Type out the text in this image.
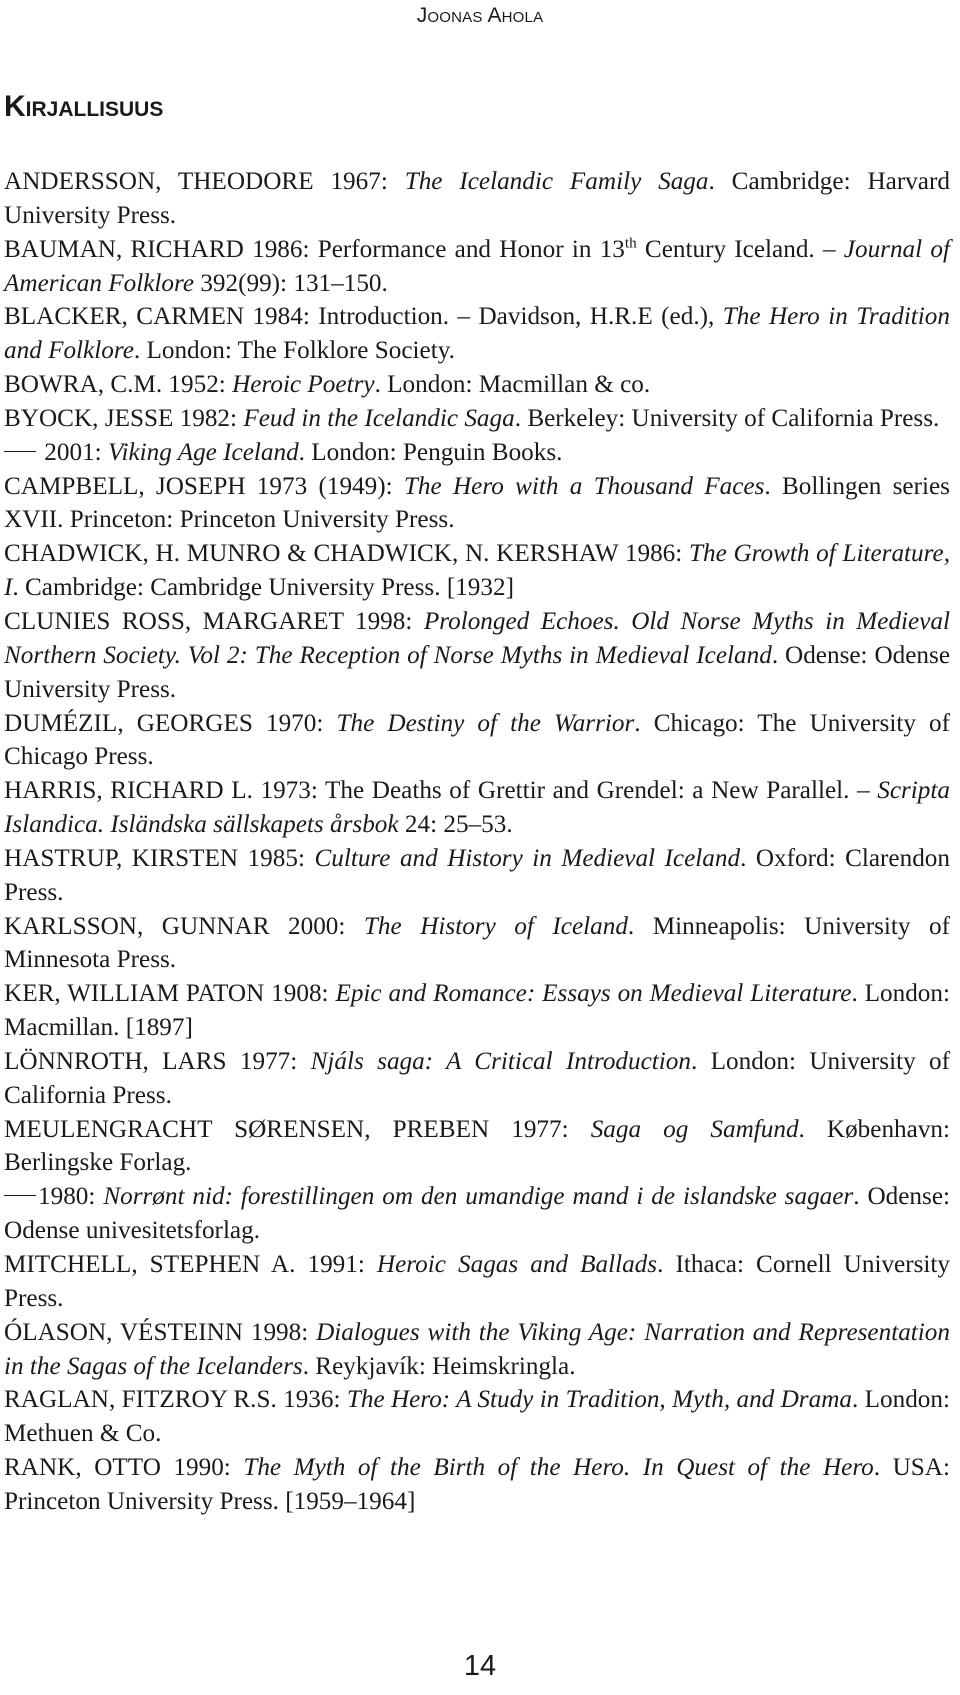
Joonas Ahola
Kirjallisuus

ANDERSSON, THEODORE 1967: The Icelandic Family Saga. Cambridge: Harvard University Press.

BAUMAN, RICHARD 1986: Performance and Honor in 13th Century Iceland. – Journal of American Folklore 392(99): 131–150.

BLACKER, CARMEN 1984: Introduction. – Davidson, H.R.E (ed.), The Hero in Tradition and Folklore. London: The Folklore Society.

BOWRA, C.M. 1952: Heroic Poetry. London: Macmillan & co.

BYOCK, JESSE 1982: Feud in the Icelandic Saga. Berkeley: University of California Press.

2001: Viking Age Iceland. London: Penguin Books.

CAMPBELL, JOSEPH 1973 (1949): The Hero with a Thousand Faces. Bollingen series XVII. Princeton: Princeton University Press.

CHADWICK, H. MUNRO & CHADWICK, N. KERSHAW 1986: The Growth of Literature, I. Cambridge: Cambridge University Press. [1932]

CLUNIES ROSS, MARGARET 1998: Prolonged Echoes. Old Norse Myths in Medieval Northern Society. Vol 2: The Reception of Norse Myths in Medieval Iceland. Odense: Odense University Press.

DUMÉZIL, GEORGES 1970: The Destiny of the Warrior. Chicago: The University of Chicago Press.

HARRIS, RICHARD L. 1973: The Deaths of Grettir and Grendel: a New Parallel. – Scripta Islandica. Isländska sällskapets årsbok 24: 25–53.

HASTRUP, KIRSTEN 1985: Culture and History in Medieval Iceland. Oxford: Clarendon Press.

KARLSSON, GUNNAR 2000: The History of Iceland. Minneapolis: University of Minnesota Press.

KER, WILLIAM PATON 1908: Epic and Romance: Essays on Medieval Literature. London: Macmillan. [1897]

LÖNNROTH, LARS 1977: Njáls saga: A Critical Introduction. London: University of California Press.

MEULENGRACHT SØRENSEN, PREBEN 1977: Saga og Samfund. København: Berlingske Forlag.

1980: Norrønt nid: forestillingen om den umandige mand i de islandske sagaer. Odense: Odense univesitetsforlag.

MITCHELL, STEPHEN A. 1991: Heroic Sagas and Ballads. Ithaca: Cornell University Press.

ÓLASON, VÉSTEINN 1998: Dialogues with the Viking Age: Narration and Representation in the Sagas of the Icelanders. Reykjavík: Heimskringla.

RAGLAN, FITZROY R.S. 1936: The Hero: A Study in Tradition, Myth, and Drama. London: Methuen & Co.

RANK, OTTO 1990: The Myth of the Birth of the Hero. In Quest of the Hero. USA: Princeton University Press. [1959–1964]

14
